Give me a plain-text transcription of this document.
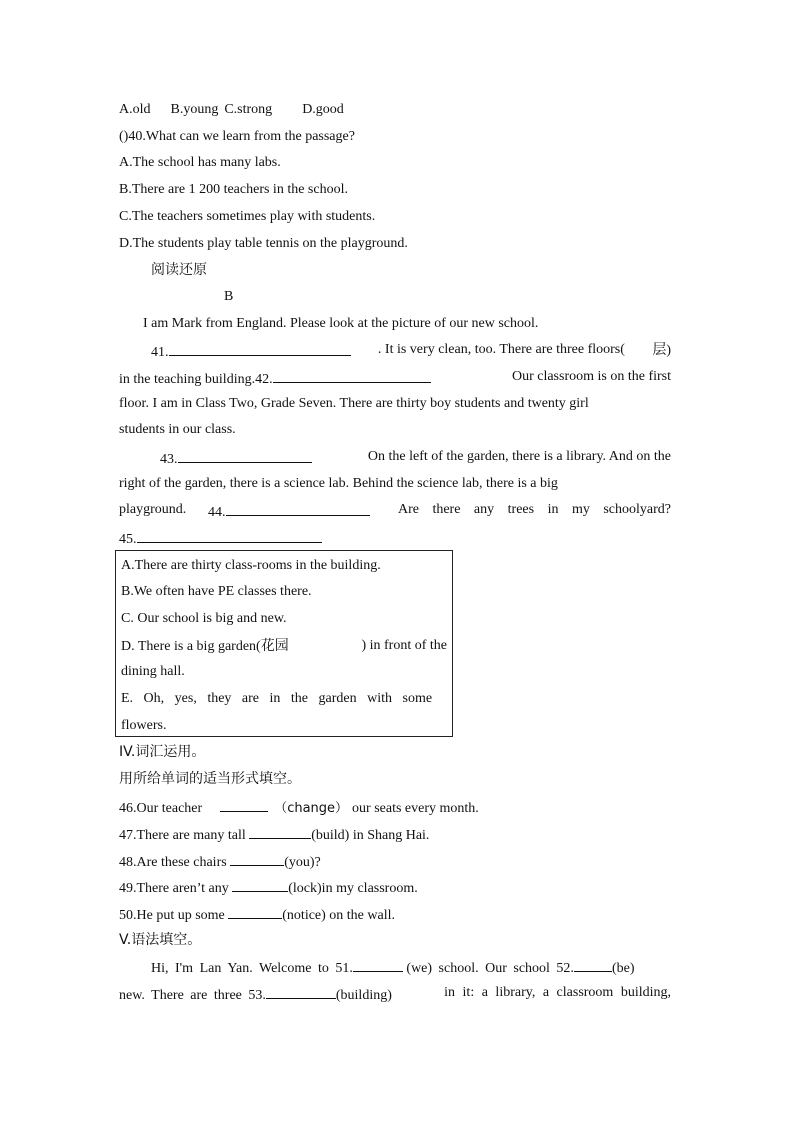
A.old B.young C.strong D.good
()40.What can we learn from the passage?
A.The school has many labs.
B.There are 1 200 teachers in the school.
C.The teachers sometimes play with students.
D.The students play table tennis on the playground.
阅读还原
B
I am Mark from England. Please look at the picture of our new school.
41.	. It is very clean, too. There are three floors( 层)
in the teaching building.42.	Our classroom is on the first
floor. I am in Class Two, Grade Seven. There are thirty boy students and twenty girl
students in our class.
43.	On the left of the garden, there is a library. And on the
right of the garden, there is a science lab. Behind the science lab, there is a big
playground. 44.	Are there any trees in my schoolyard?
45.
A.There are thirty class-rooms in the building.
B.We often have PE classes there.
C. Our school is big and new.
D. There is a big garden(花园	) in front of the
dining hall.
E. Oh, yes, they are in the garden with some
flowers.
IV.词汇运用。
用所给单词的适当形式填空。
46.Our teacher	（change） our seats every month.
47.There are many tall	(build) in Shang Hai.
48.Are these chairs	(you)?
49.There aren’t any	(lock)in my classroom.
50.He put up some	(notice) on the wall.
V.语法填空。
Hi, I'm Lan Yan. Welcome to 51.	(we) school. Our school 52.	(be)
new. There are three 53.	(building)	in it: a library, a classroom building,
